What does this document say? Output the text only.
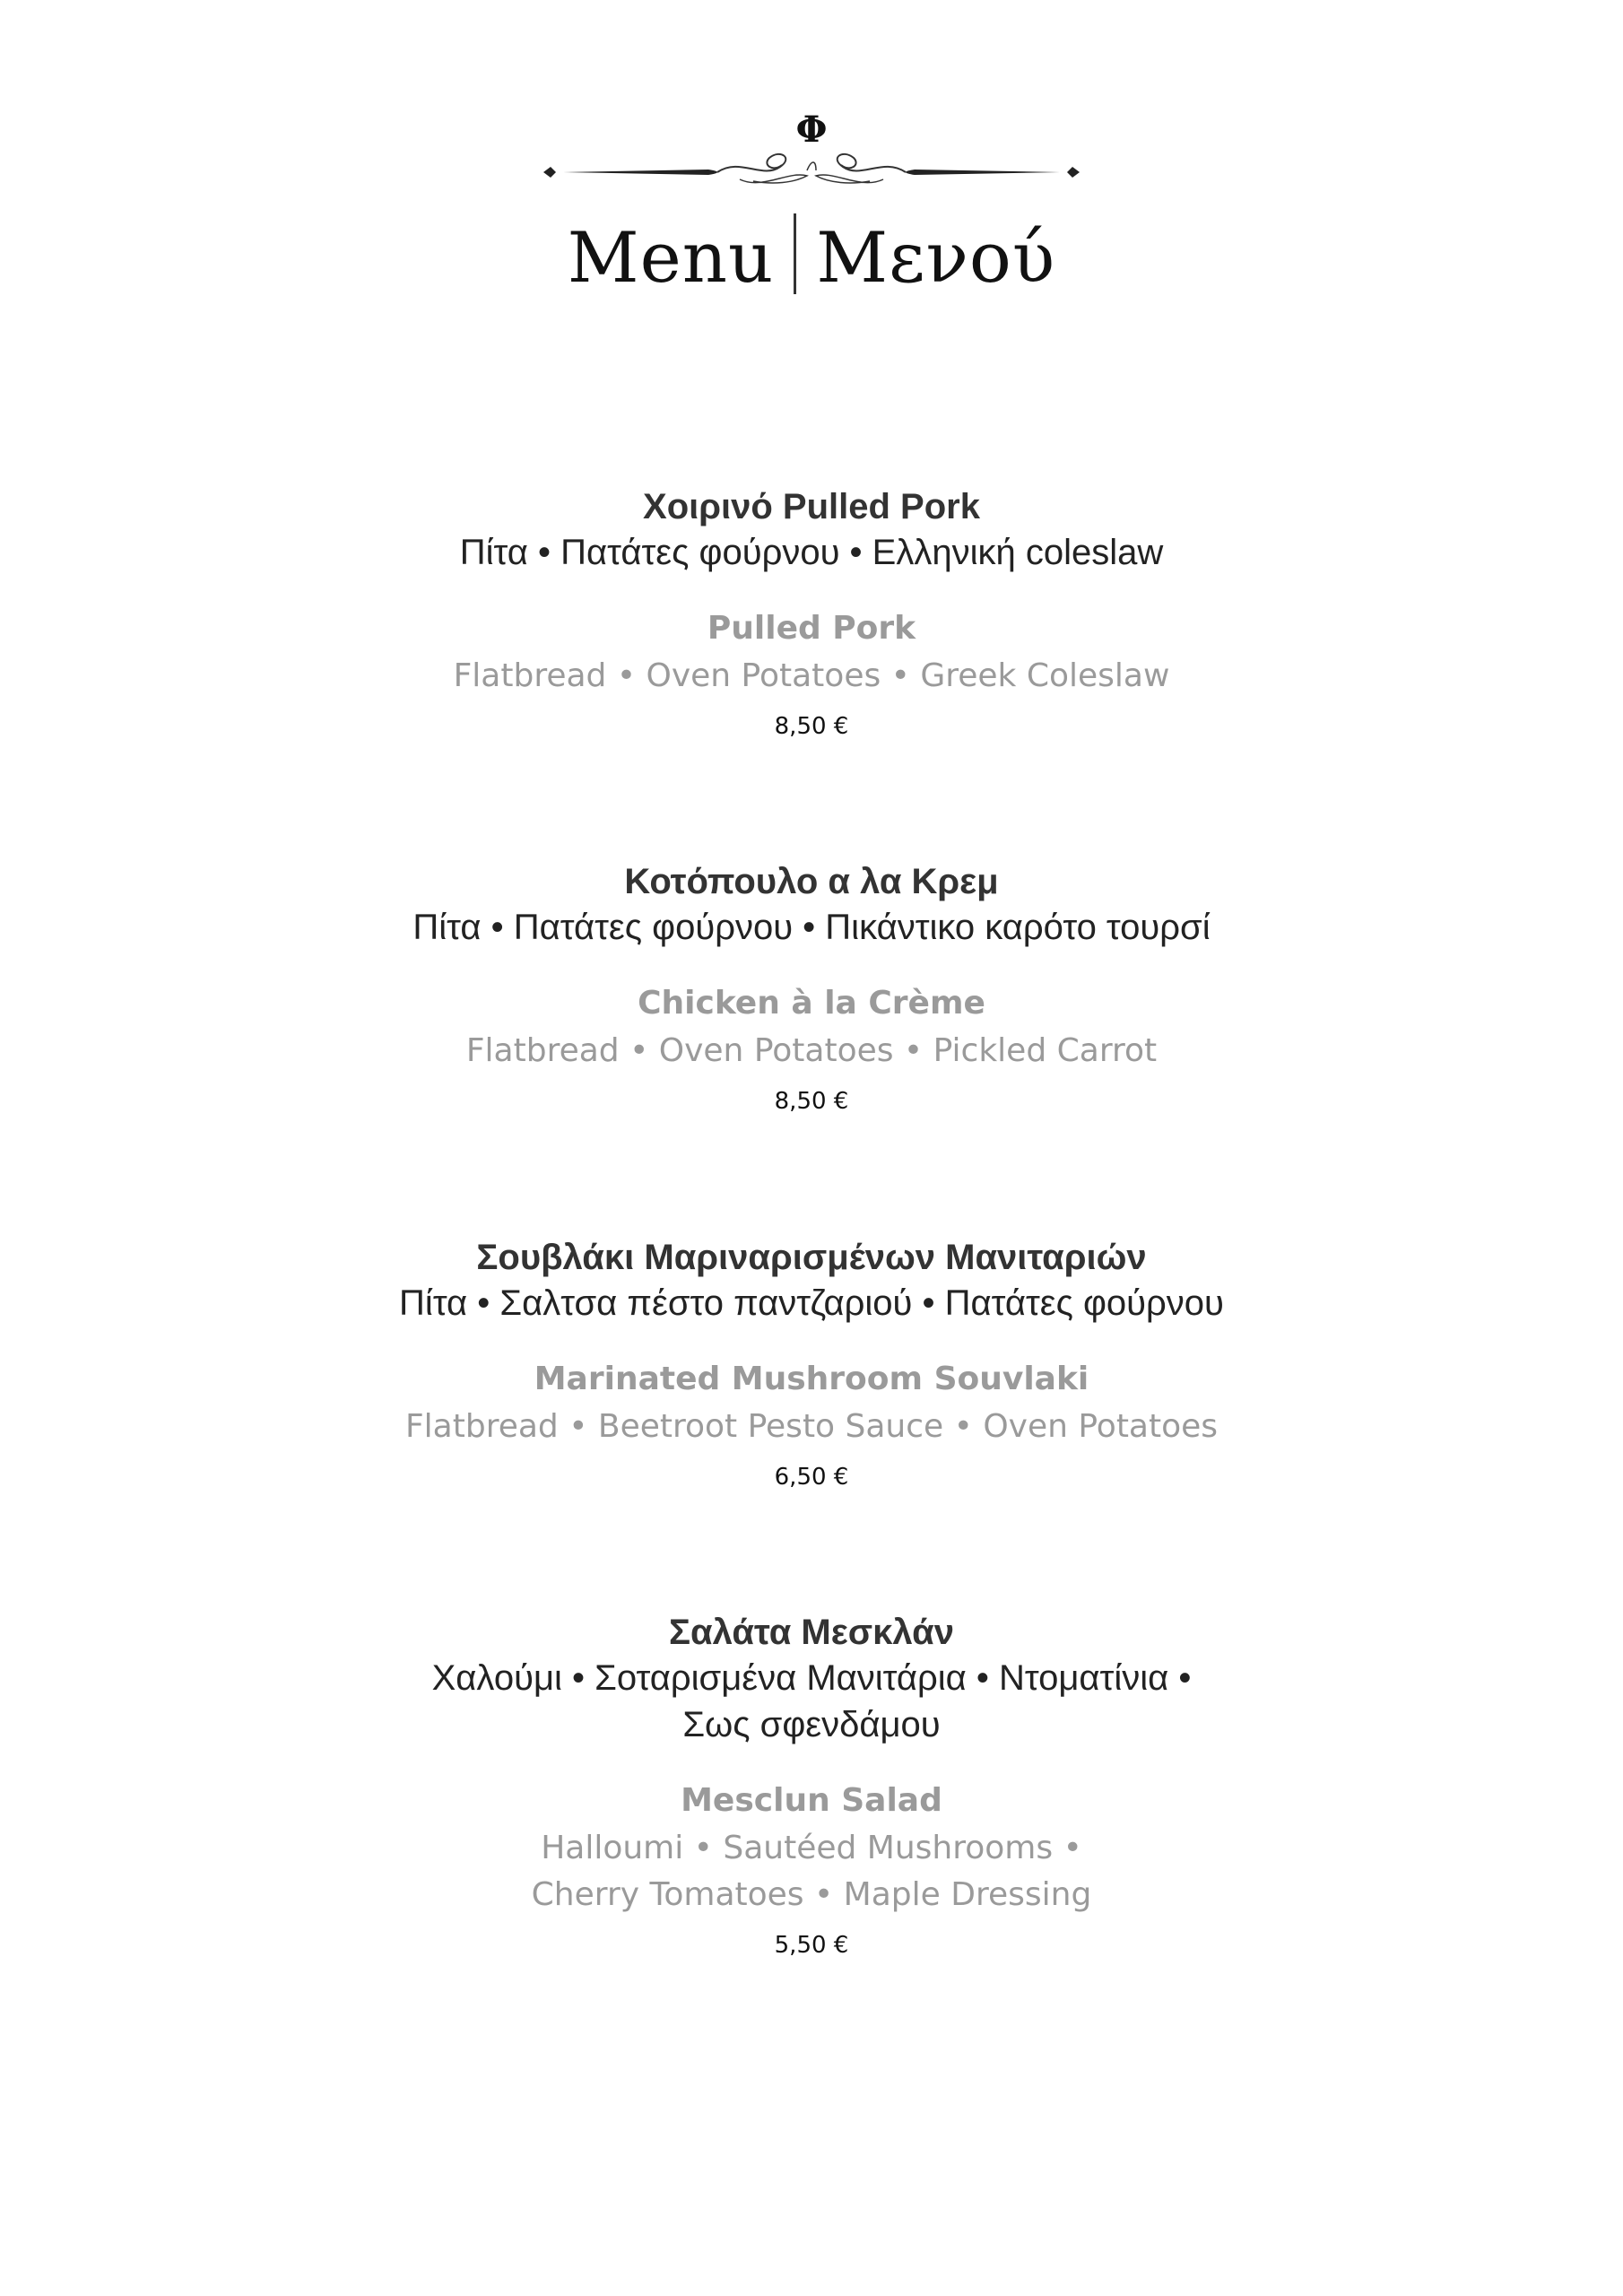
Φ
Menu Μενού

Χοιρινό Pulled Pork

Πίτα • Πατάτες φούρνου • Ελληνική coleslaw

Pulled Pork

Flatbread • Oven Potatoes • Greek Coleslaw

8,50 €

Κοτόπουλο α λα Κρεμ

Πίτα • Πατάτες φούρνου • Πικάντικο καρότο τουρσί

Chicken à la Crème

Flatbread • Oven Potatoes • Pickled Carrot

8,50 €

Σουβλάκι Μαριναρισμένων Μανιταριών

Πίτα • Σαλτσα πέστο παντζαριού • Πατάτες φούρνου

Marinated Mushroom Souvlaki

Flatbread • Beetroot Pesto Sauce • Oven Potatoes

6,50 €

Σαλάτα Μεσκλάν

Χαλούμι • Σοταρισμένα Μανιτάρια • Ντοματίνια •

Σως σφενδάμου

Mesclun Salad

Halloumi • Sautéed Mushrooms •

Cherry Tomatoes • Maple Dressing

5,50 €
